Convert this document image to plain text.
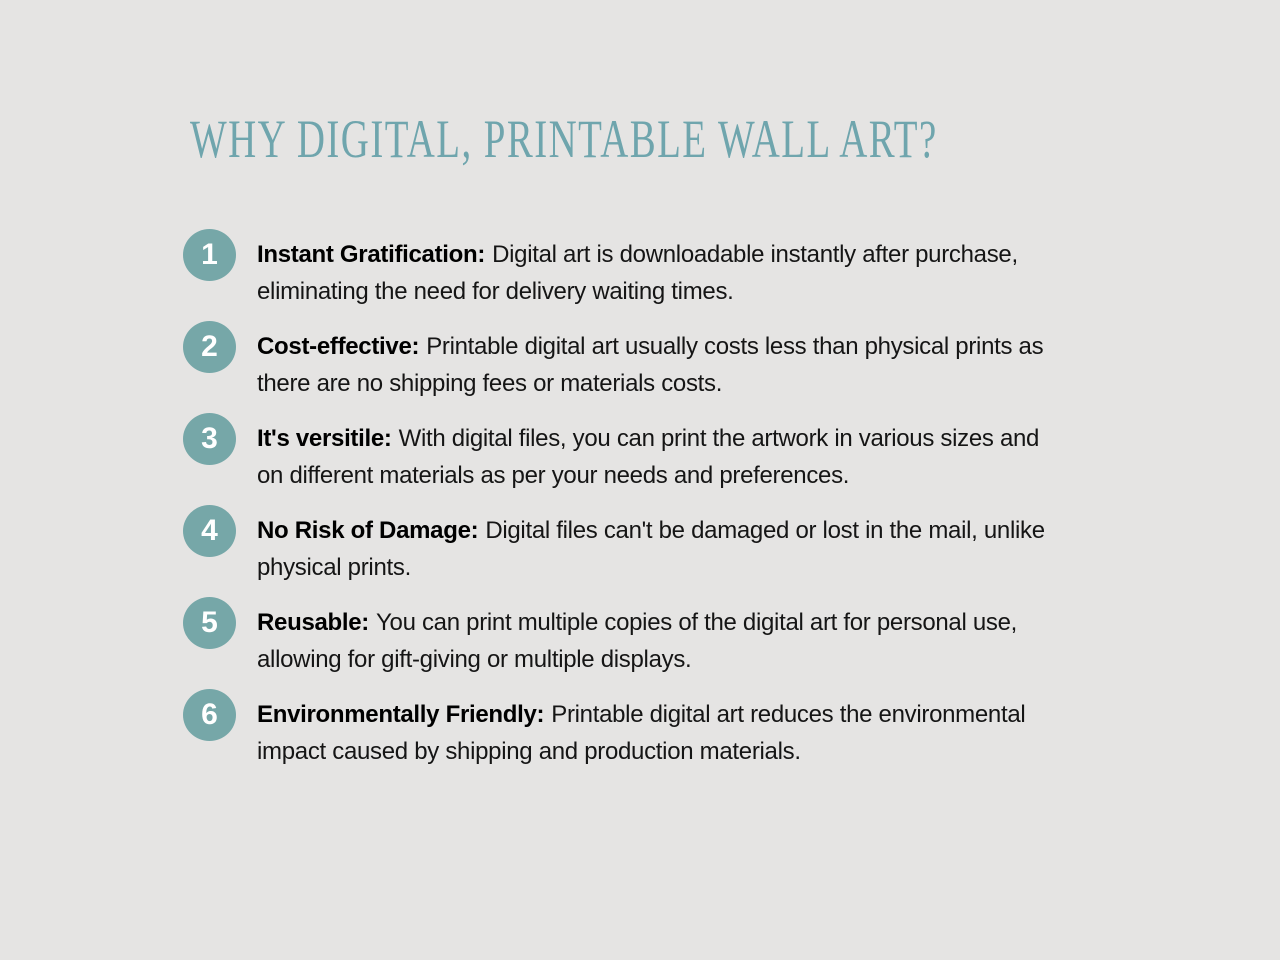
WHY DIGITAL, PRINTABLE WALL ART?
1 Instant Gratification: Digital art is downloadable instantly after purchase, eliminating the need for delivery waiting times.

2 Cost-effective: Printable digital art usually costs less than physical prints as there are no shipping fees or materials costs.

3 It's versitile: With digital files, you can print the artwork in various sizes and on different materials as per your needs and preferences.

4 No Risk of Damage: Digital files can't be damaged or lost in the mail, unlike physical prints.

5 Reusable: You can print multiple copies of the digital art for personal use, allowing for gift-giving or multiple displays.

6 Environmentally Friendly: Printable digital art reduces the environmental impact caused by shipping and production materials.
